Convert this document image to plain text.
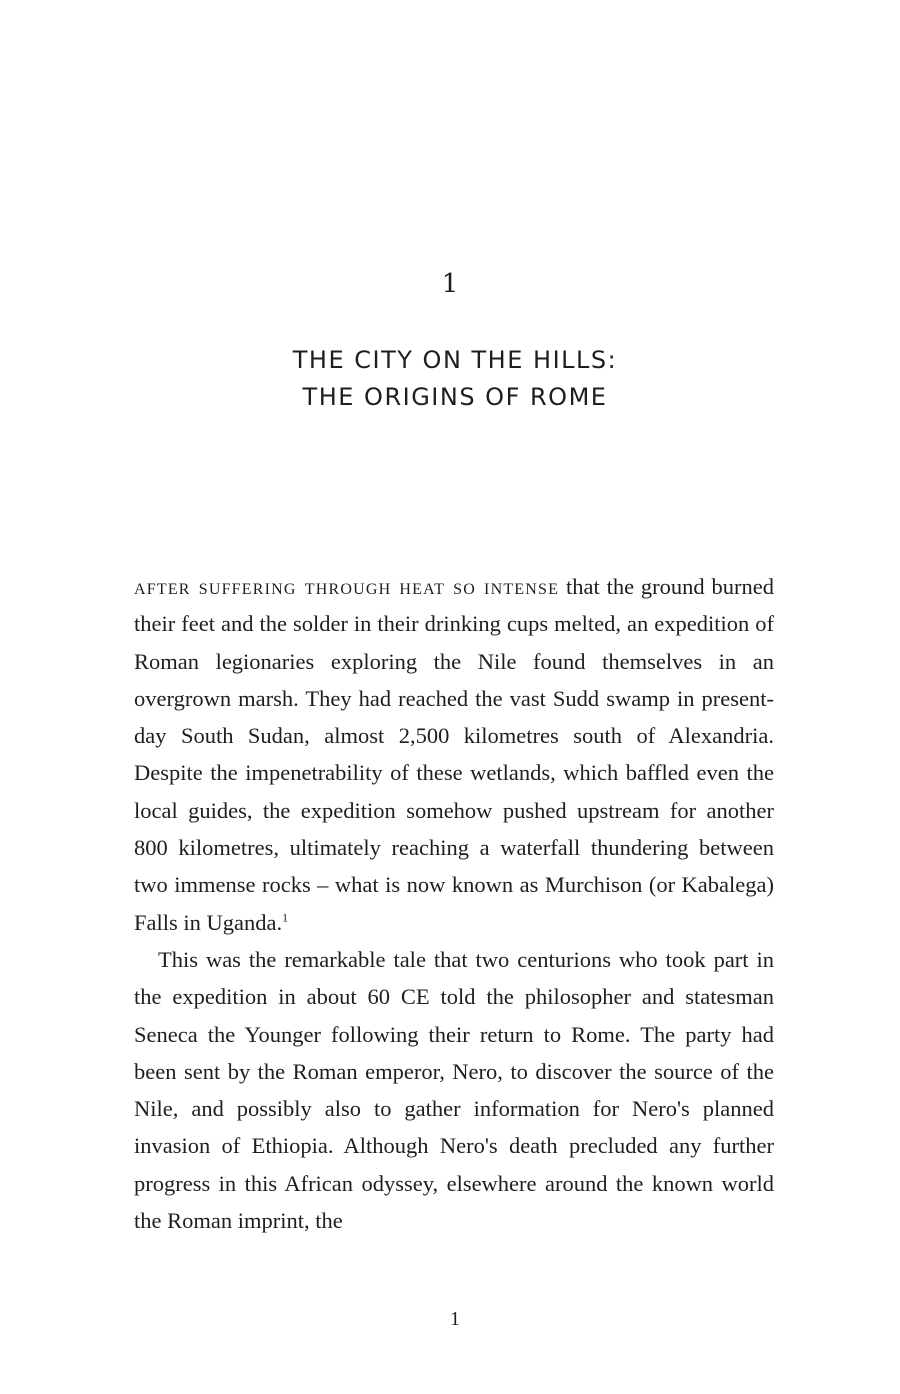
1
THE CITY ON THE HILLS:
THE ORIGINS OF ROME

after suffering through heat so intense that the ground burned their feet and the solder in their drinking cups melted, an expedition of Roman legionaries exploring the Nile found themselves in an overgrown marsh. They had reached the vast Sudd swamp in present-day South Sudan, almost 2,500 kilometres south of Alexandria. Despite the impenetrability of these wetlands, which baffled even the local guides, the expedition somehow pushed upstream for another 800 kilometres, ultimately reaching a waterfall thundering between two immense rocks – what is now known as Murchison (or Kabalega) Falls in Uganda.$^1$

This was the remarkable tale that two centurions who took part in the expedition in about 60 CE told the philosopher and statesman Seneca the Younger following their return to Rome. The party had been sent by the Roman emperor, Nero, to discover the source of the Nile, and possibly also to gather information for Nero's planned invasion of Ethiopia. Although Nero's death precluded any further progress in this African odyssey, elsewhere around the known world the Roman imprint, the

1
